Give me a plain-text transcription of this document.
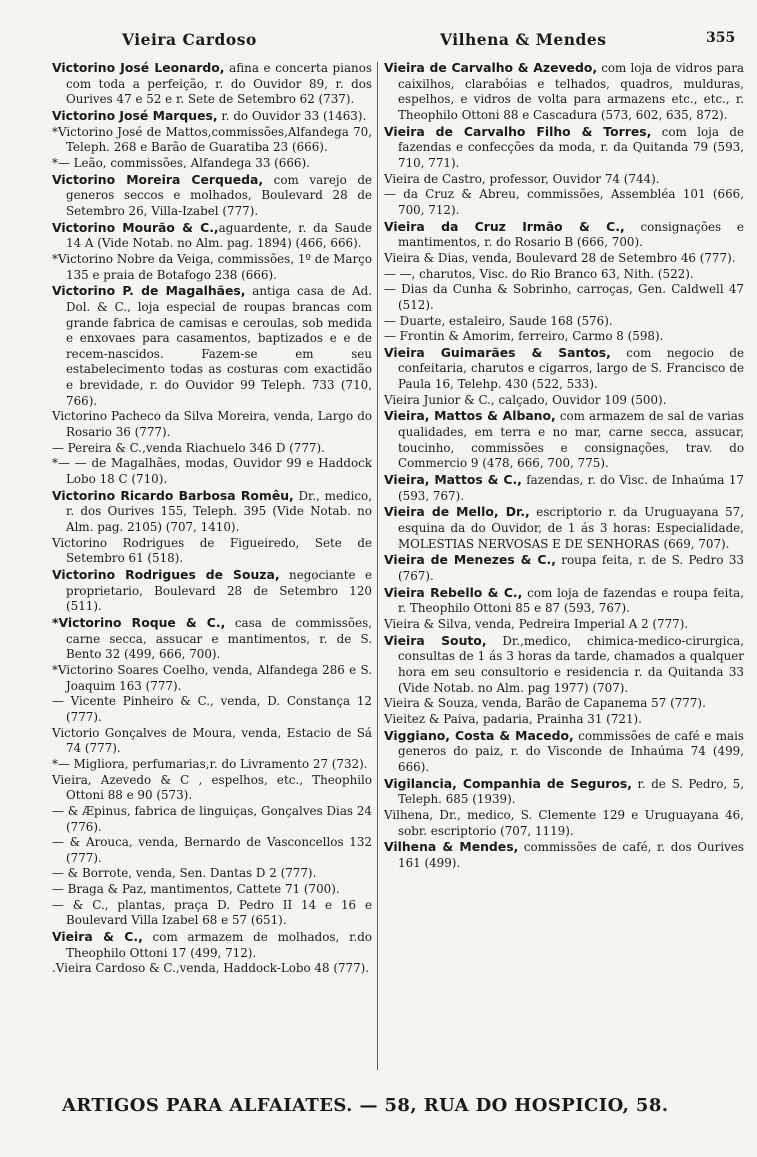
Vieira Cardoso	Vilhena & Mendes	355

Victorino José Leonardo, afina e concerta pianos com toda a perfeição, r. do Ouvidor 89, r. dos Ourives 47 e 52 e r. Sete de Setembro 62 (737).

Victorino José Marques, r. do Ouvidor 33 (1463).

*Victorino José de Mattos,commissões,Alfandega 70, Teleph. 268 e Barão de Guaratiba 23 (666).

*— Leão, commissões, Alfandega 33 (666).

Victorino Moreira Cerqueda, com varejo de generos seccos e molhados, Boulevard 28 de Setembro 26, Villa-Izabel (777).

Victorino Mourão & C.,aguardente, r. da Saude 14 A (Vide Notab. no Alm. pag. 1894) (466, 666).

*Victorino Nobre da Veiga, commissões, 1º de Março 135 e praia de Botafogo 238 (666).

Victorino P. de Magalhães, antiga casa de Ad. Dol. & C., loja especial de roupas brancas com grande fabrica de camisas e ceroulas, sob medida e enxovaes para casamentos, baptizados e e de recem-nascidos. Fazem-se em seu estabelecimento todas as costuras com exactidão e brevidade, r. do Ouvidor 99 Teleph. 733 (710, 766).

Victorino Pacheco da Silva Moreira, venda, Largo do Rosario 36 (777).

— Pereira & C.,venda Riachuelo 346 D (777).

*— — de Magalhães, modas, Ouvidor 99 e Haddock Lobo 18 C (710).

Victorino Ricardo Barbosa Romêu, Dr., medico, r. dos Ourives 155, Teleph. 395 (Vide Notab. no Alm. pag. 2105) (707, 1410).

Victorino Rodrigues de Figueiredo, Sete de Setembro 61 (518).

Victorino Rodrigues de Souza, negociante e proprietario, Boulevard 28 de Setembro 120 (511).

*Victorino Roque & C., casa de commissões, carne secca, assucar e mantimentos, r. de S. Bento 32 (499, 666, 700).

*Victorino Soares Coelho, venda, Alfandega 286 e S. Joaquim 163 (777).

— Vicente Pinheiro & C., venda, D. Constança 12 (777).

Victorio Gonçalves de Moura, venda, Estacio de Sá 74 (777).

*— Migliora, perfumarias,r. do Livramento 27 (732).

Vieira, Azevedo & C , espelhos, etc., Theophilo Ottoni 88 e 90 (573).

— & Æpinus, fabrica de linguiças, Gonçalves Dias 24 (776).

— & Arouca, venda, Bernardo de Vasconcellos 132 (777).

— & Borrote, venda, Sen. Dantas D 2 (777).

— Braga & Paz, mantimentos, Cattete 71 (700).

— & C., plantas, praça D. Pedro II 14 e 16 e Boulevard Villa Izabel 68 e 57 (651).

Vieira & C., com armazem de molhados, r.do Theophilo Ottoni 17 (499, 712).

.Vieira Cardoso & C.,venda, Haddock-Lobo 48 (777).

Vieira de Carvalho & Azevedo, com loja de vidros para caixilhos, clarabóias e telhados, quadros, mulduras, espelhos, e vidros de volta para armazens etc., etc., r. Theophilo Ottoni 88 e Cascadura (573, 602, 635, 872).

Vieira de Carvalho Filho & Torres, com loja de fazendas e confecções da moda, r. da Quitanda 79 (593, 710, 771).

Vieira de Castro, professor, Ouvidor 74 (744).

— da Cruz & Abreu, commissões, Assembléa 101 (666, 700, 712).

Vieira da Cruz Irmão & C., consignações e mantimentos, r. do Rosario B (666, 700).

Vieira & Dias, venda, Boulevard 28 de Setembro 46 (777).

— —, charutos, Visc. do Rio Branco 63, Nith. (522).

— Dias da Cunha & Sobrinho, carroças, Gen. Caldwell 47 (512).

— Duarte, estaleiro, Saude 168 (576).

— Frontin & Amorim, ferreiro, Carmo 8 (598).

Vieira Guimarães & Santos, com negocio de confeitaria, charutos e cigarros, largo de S. Francisco de Paula 16, Telehp. 430 (522, 533).

Vieira Junior & C., calçado, Ouvidor 109 (500).

Vieira, Mattos & Albano, com armazem de sal de varias qualidades, em terra e no mar, carne secca, assucar, toucinho, commissões e consignações, trav. do Commercio 9 (478, 666, 700, 775).

Vieira, Mattos & C., fazendas, r. do Visc. de Inhaúma 17 (593, 767).

Vieira de Mello, Dr., escriptorio r. da Uruguayana 57, esquina da do Ouvidor, de 1 ás 3 horas: Especialidade, MOLESTIAS NERVOSAS E DE SENHORAS (669, 707).

Vieira de Menezes & C., roupa feita, r. de S. Pedro 33 (767).

Vieira Rebello & C., com loja de fazendas e roupa feita, r. Theophilo Ottoni 85 e 87 (593, 767).

Vieira & Silva, venda, Pedreira Imperial A 2 (777).

Vieira Souto, Dr.,medico, chimica-medico-cirurgica, consultas de 1 ás 3 horas da tarde, chamados a qualquer hora em seu consultorio e residencia r. da Quitanda 33 (Vide Notab. no Alm. pag 1977) (707).

Vieira & Souza, venda, Barão de Capanema 57 (777).

Vieitez & Paiva, padaria, Prainha 31 (721).

Viggiano, Costa & Macedo, commissões de café e mais generos do paiz, r. do Visconde de Inhaúma 74 (499, 666).

Vigilancia, Companhia de Seguros, r. de S. Pedro, 5, Teleph. 685 (1939).

Vilhena, Dr., medico, S. Clemente 129 e Uruguayana 46, sobr. escriptorio (707, 1119).

Vilhena & Mendes, commissões de café, r. dos Ourives 161 (499).

ARTIGOS PARA ALFAIATES. — 58, RUA DO HOSPICIO, 58.
